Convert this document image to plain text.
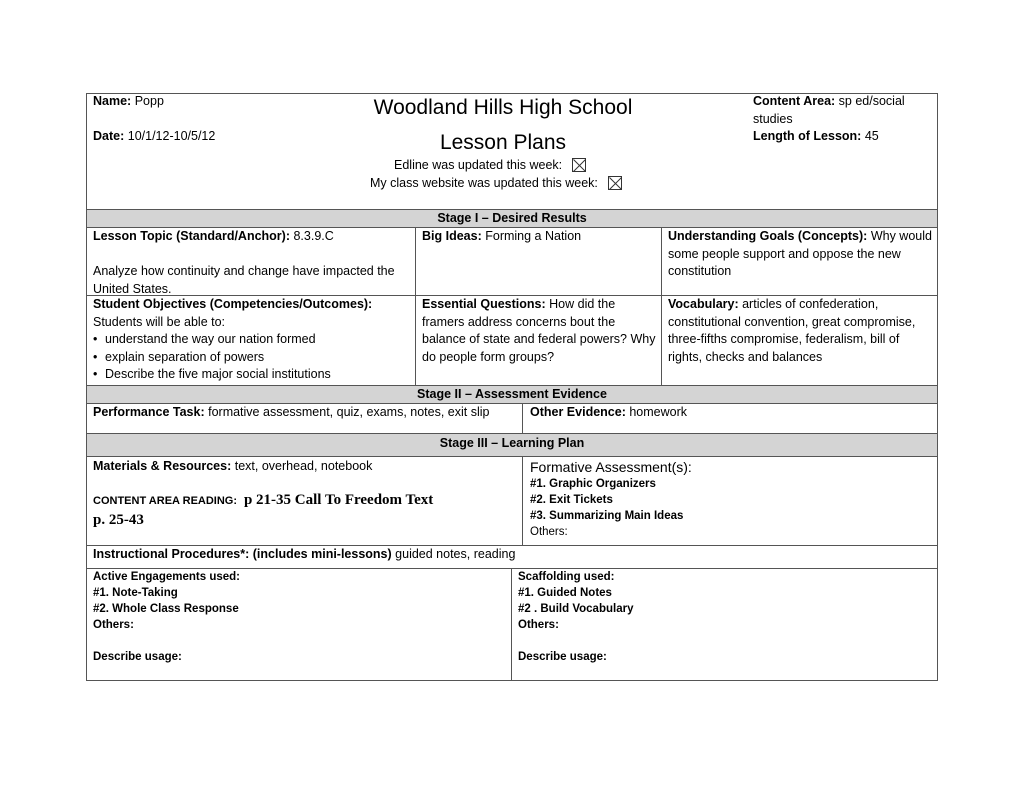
Name: Popp
Date: 10/1/12-10/5/12
Woodland Hills High School
Lesson Plans
Edline was updated this week:
My class website was updated this week:
Content Area: sp ed/social studies
Length of Lesson: 45
Stage I – Desired Results
Lesson Topic (Standard/Anchor): 8.3.9.C

Analyze how continuity and change have impacted the United States.
Big Ideas: Forming a Nation	Understanding Goals (Concepts): Why would some people support and oppose the new constitution
Student Objectives (Competencies/Outcomes):
Students will be able to:
• understand the way our nation formed
• explain separation of powers
• Describe the five major social institutions
Essential Questions: How did the framers address concerns bout the balance of state and federal powers? Why do people form groups?
Vocabulary: articles of confederation, constitutional convention, great compromise, three-fifths compromise, federalism, bill of rights, checks and balances
Stage II – Assessment Evidence
Performance Task: formative assessment, quiz, exams, notes, exit slip	Other Evidence: homework
Stage III – Learning Plan
Materials & Resources: text, overhead, notebook
CONTENT AREA READING: p 21-35 Call To Freedom Text
p. 25-43
Formative Assessment(s):
#1. Graphic Organizers
#2. Exit Tickets
#3. Summarizing Main Ideas
Others:
Instructional Procedures*: (includes mini-lessons) guided notes, reading
Active Engagements used:
#1. Note-Taking
#2. Whole Class Response
Others:

Describe usage:
Scaffolding used:
#1. Guided Notes
#2 . Build Vocabulary
Others:

Describe usage:
